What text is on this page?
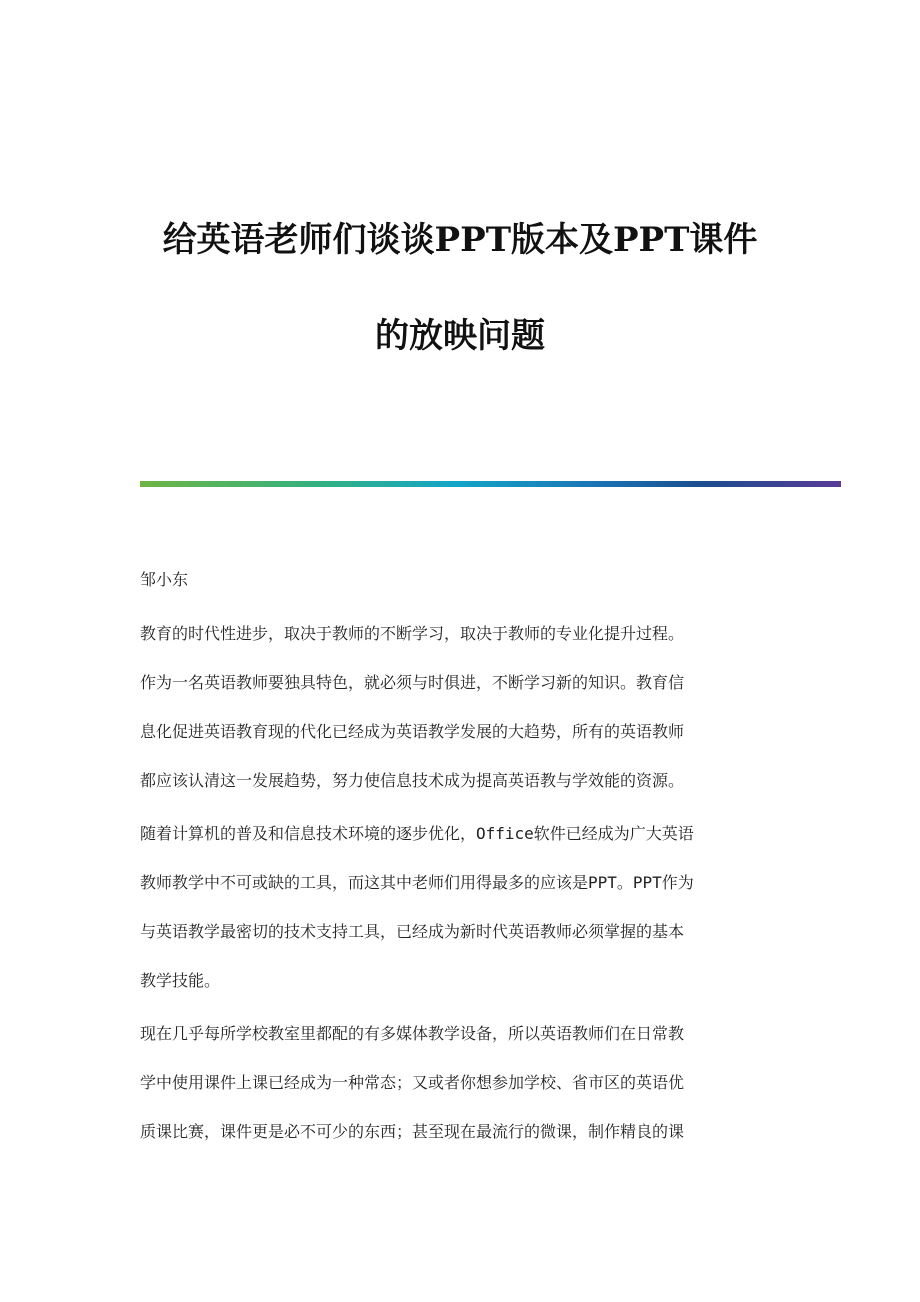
给英语老师们谈谈PPT版本及PPT课件
的放映问题
邹小东
教育的时代性进步，取决于教师的不断学习，取决于教师的专业化提升过程。
作为一名英语教师要独具特色，就必须与时俱进，不断学习新的知识。教育信
息化促进英语教育现的代化已经成为英语教学发展的大趋势，所有的英语教师
都应该认清这一发展趋势，努力使信息技术成为提高英语教与学效能的资源。
随着计算机的普及和信息技术环境的逐步优化，Office软件已经成为广大英语
教师教学中不可或缺的工具，而这其中老师们用得最多的应该是PPT。PPT作为
与英语教学最密切的技术支持工具，已经成为新时代英语教师必须掌握的基本
教学技能。
现在几乎每所学校教室里都配的有多媒体教学设备，所以英语教师们在日常教
学中使用课件上课已经成为一种常态；又或者你想参加学校、省市区的英语优
质课比赛，课件更是必不可少的东西；甚至现在最流行的微课，制作精良的课
